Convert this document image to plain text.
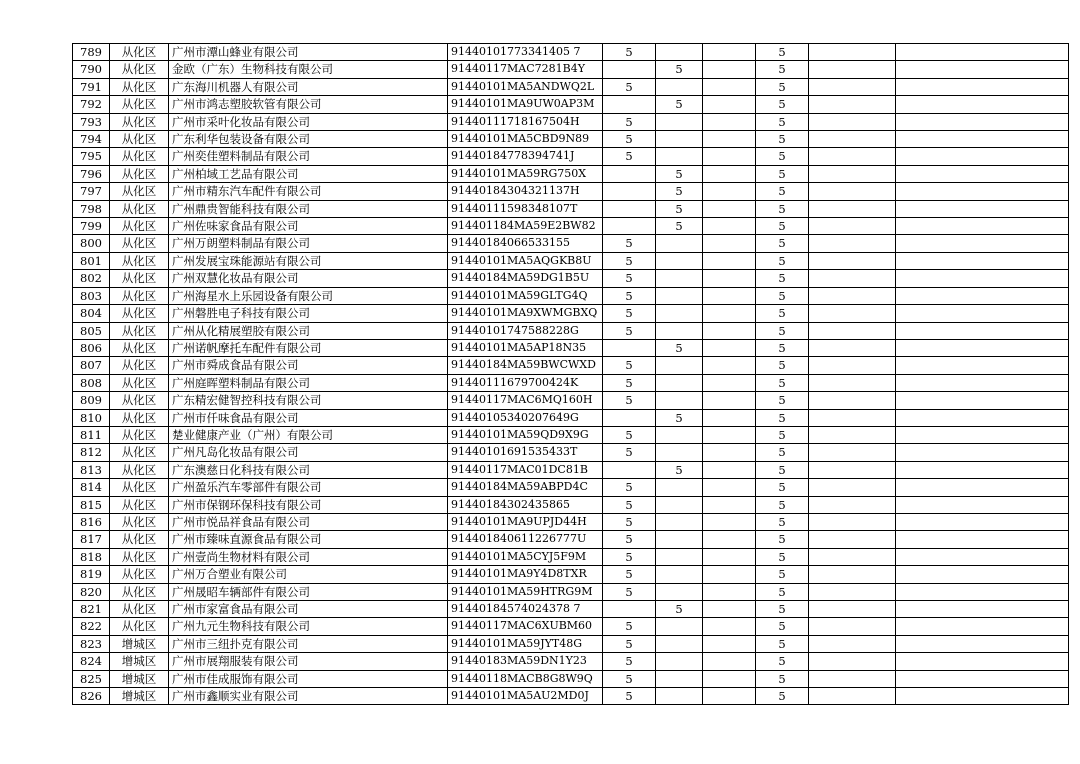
789	从化区	广州市潭山蜂业有限公司	91440101773341405 7	5			5		
790	从化区	金欧（广东）生物科技有限公司	91440117MAC7281B4Y		5		5		
791	从化区	广东海川机器人有限公司	91440101MA5ANDWQ2L	5			5		
792	从化区	广州市鸿志塑胶软管有限公司	91440101MA9UW0AP3M		5		5		
793	从化区	广州市采叶化妆品有限公司	91440111718167504H	5			5		
794	从化区	广东利华包装设备有限公司	91440101MA5CBD9N89	5			5		
795	从化区	广州奕佳塑料制品有限公司	91440184778394741J	5			5		
796	从化区	广州柏域工艺品有限公司	91440101MA59RG750X		5		5		
797	从化区	广州市精东汽车配件有限公司	91440184304321137H		5		5		
798	从化区	广州鼎贵智能科技有限公司	91440111598348107T		5		5		
799	从化区	广州佐味家食品有限公司	914401184MA59E2BW82		5		5		
800	从化区	广州万朗塑料制品有限公司	91440184066533155	5			5		
801	从化区	广州发展宝珠能源站有限公司	91440101MA5AQGKB8U	5			5		
802	从化区	广州双慧化妆品有限公司	91440184MA59DG1B5U	5			5		
803	从化区	广州海星水上乐园设备有限公司	91440101MA59GLTG4Q	5			5		
804	从化区	广州磐胜电子科技有限公司	91440101MA9XWMGBXQ	5			5		
805	从化区	广州从化精展塑胶有限公司	91440101747588228G	5			5		
806	从化区	广州诺帆摩托车配件有限公司	91440101MA5AP18N35		5		5		
807	从化区	广州市舜成食品有限公司	91440184MA59BWCWXD	5			5		
808	从化区	广州庭晖塑料制品有限公司	91440111679700424K	5			5		
809	从化区	广东精宏健智控科技有限公司	91440117MAC6MQ160H	5			5		
810	从化区	广州市仟味食品有限公司	91440105340207649G		5		5		
811	从化区	楚业健康产业（广州）有限公司	91440101MA59QD9X9G	5			5		
812	从化区	广州凡岛化妆品有限公司	91440101691535433T	5			5		
813	从化区	广东澳慈日化科技有限公司	91440117MAC01DC81B		5		5		
814	从化区	广州盈乐汽车零部件有限公司	91440184MA59ABPD4C	5			5		
815	从化区	广州市保钢环保科技有限公司	91440184302435865	5			5		
816	从化区	广州市悦品祥食品有限公司	91440101MA9UPJD44H	5			5		
817	从化区	广州市臻味直源食品有限公司	914401840611226777U	5			5		
818	从化区	广州壹尚生物材料有限公司	91440101MA5CYJ5F9M	5			5		
819	从化区	广州万合塑业有限公司	91440101MA9Y4D8TXR	5			5		
820	从化区	广州晟昭车辆部件有限公司	91440101MA59HTRG9M	5			5		
821	从化区	广州市家富食品有限公司	91440184574024378 7		5		5		
822	从化区	广州九元生物科技有限公司	91440117MAC6XUBM60	5			5		
823	增城区	广州市三纽扑克有限公司	91440101MA59JYT48G	5			5		
824	增城区	广州市展翔服装有限公司	91440183MA59DN1Y23	5			5		
825	增城区	广州市佳成服饰有限公司	91440118MACB8G8W9Q	5			5		
826	增城区	广州市鑫顺实业有限公司	91440101MA5AU2MD0J	5			5		
